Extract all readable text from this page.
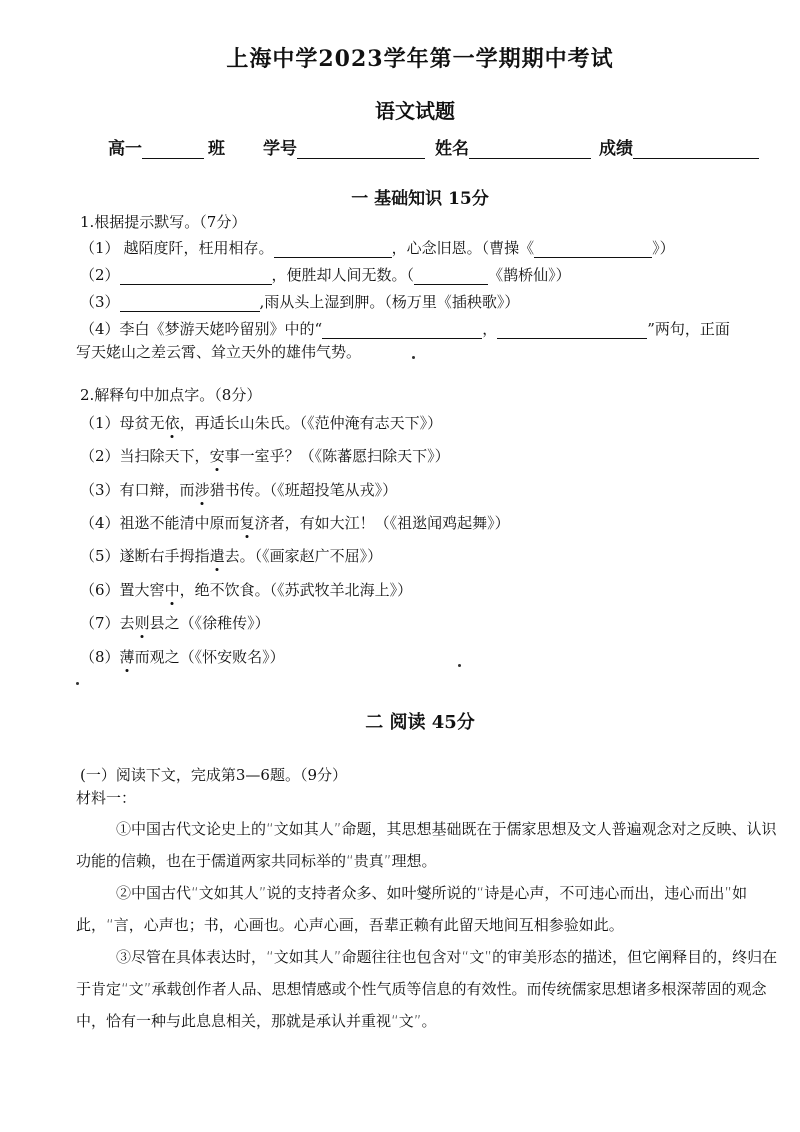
上海中学2023学年第一学期期中考试
语文试题
高一	班 学号	姓名	成绩
一 基础知识 15分
1.根据提示默写。（7分）
（1） 越陌度阡，枉用相存。	，心念旧恩。（曹操《	》）
（2）	，便胜却人间无数。（	《鹊桥仙》）
（3）	,雨从头上湿到胛。（杨万里《插秧歌》）
（4）李白《梦游天姥吟留别》中的“	，	”两句，正面
写天姥山之差云霄、耸立天外的雄伟气势。
2.解释句中加点字。（8分）
（1）母贫无依，再适长山朱氏。（《范仲淹有志天下》）
（2）当扫除天下，安事一室乎？（《陈蕃愿扫除天下》）
（3）有口辩，而涉猎书传。（《班超投笔从戎》）
（4）祖逖不能清中原而复济者，有如大江！（《祖逖闻鸡起舞》）
（5）遂断右手拇指遣去。（《画家赵广不屈》）
（6）置大窖中，绝不饮食。（《苏武牧羊北海上》）
（7）去则县之（《徐稚传》）
（8）薄而观之（《怀安败名》）
二 阅读 45分
(一）阅读下文，完成第3—6题。（9分）
材料一：
①中国古代文论史上的“文如其人”命题，其思想基础既在于儒家思想及文人普遍观念对之反映、认识功能的信赖，也在于儒道两家共同标举的“贵真”理想。
②中国古代“文如其人”说的支持者众多、如叶燮所说的“诗是心声，不可违心而出，违心而出”如此，“言，心声也；书，心画也。心声心画，吾辈正赖有此留天地间互相参验如此。
③尽管在具体表达时，“文如其人”命题往往也包含对“文”的审美形态的描述，但它阐释目的，终归在于肯定“文”承载创作者人品、思想情感或个性气质等信息的有效性。而传统儒家思想诸多根深蒂固的观念中，恰有一种与此息息相关，那就是承认并重视“文”。
